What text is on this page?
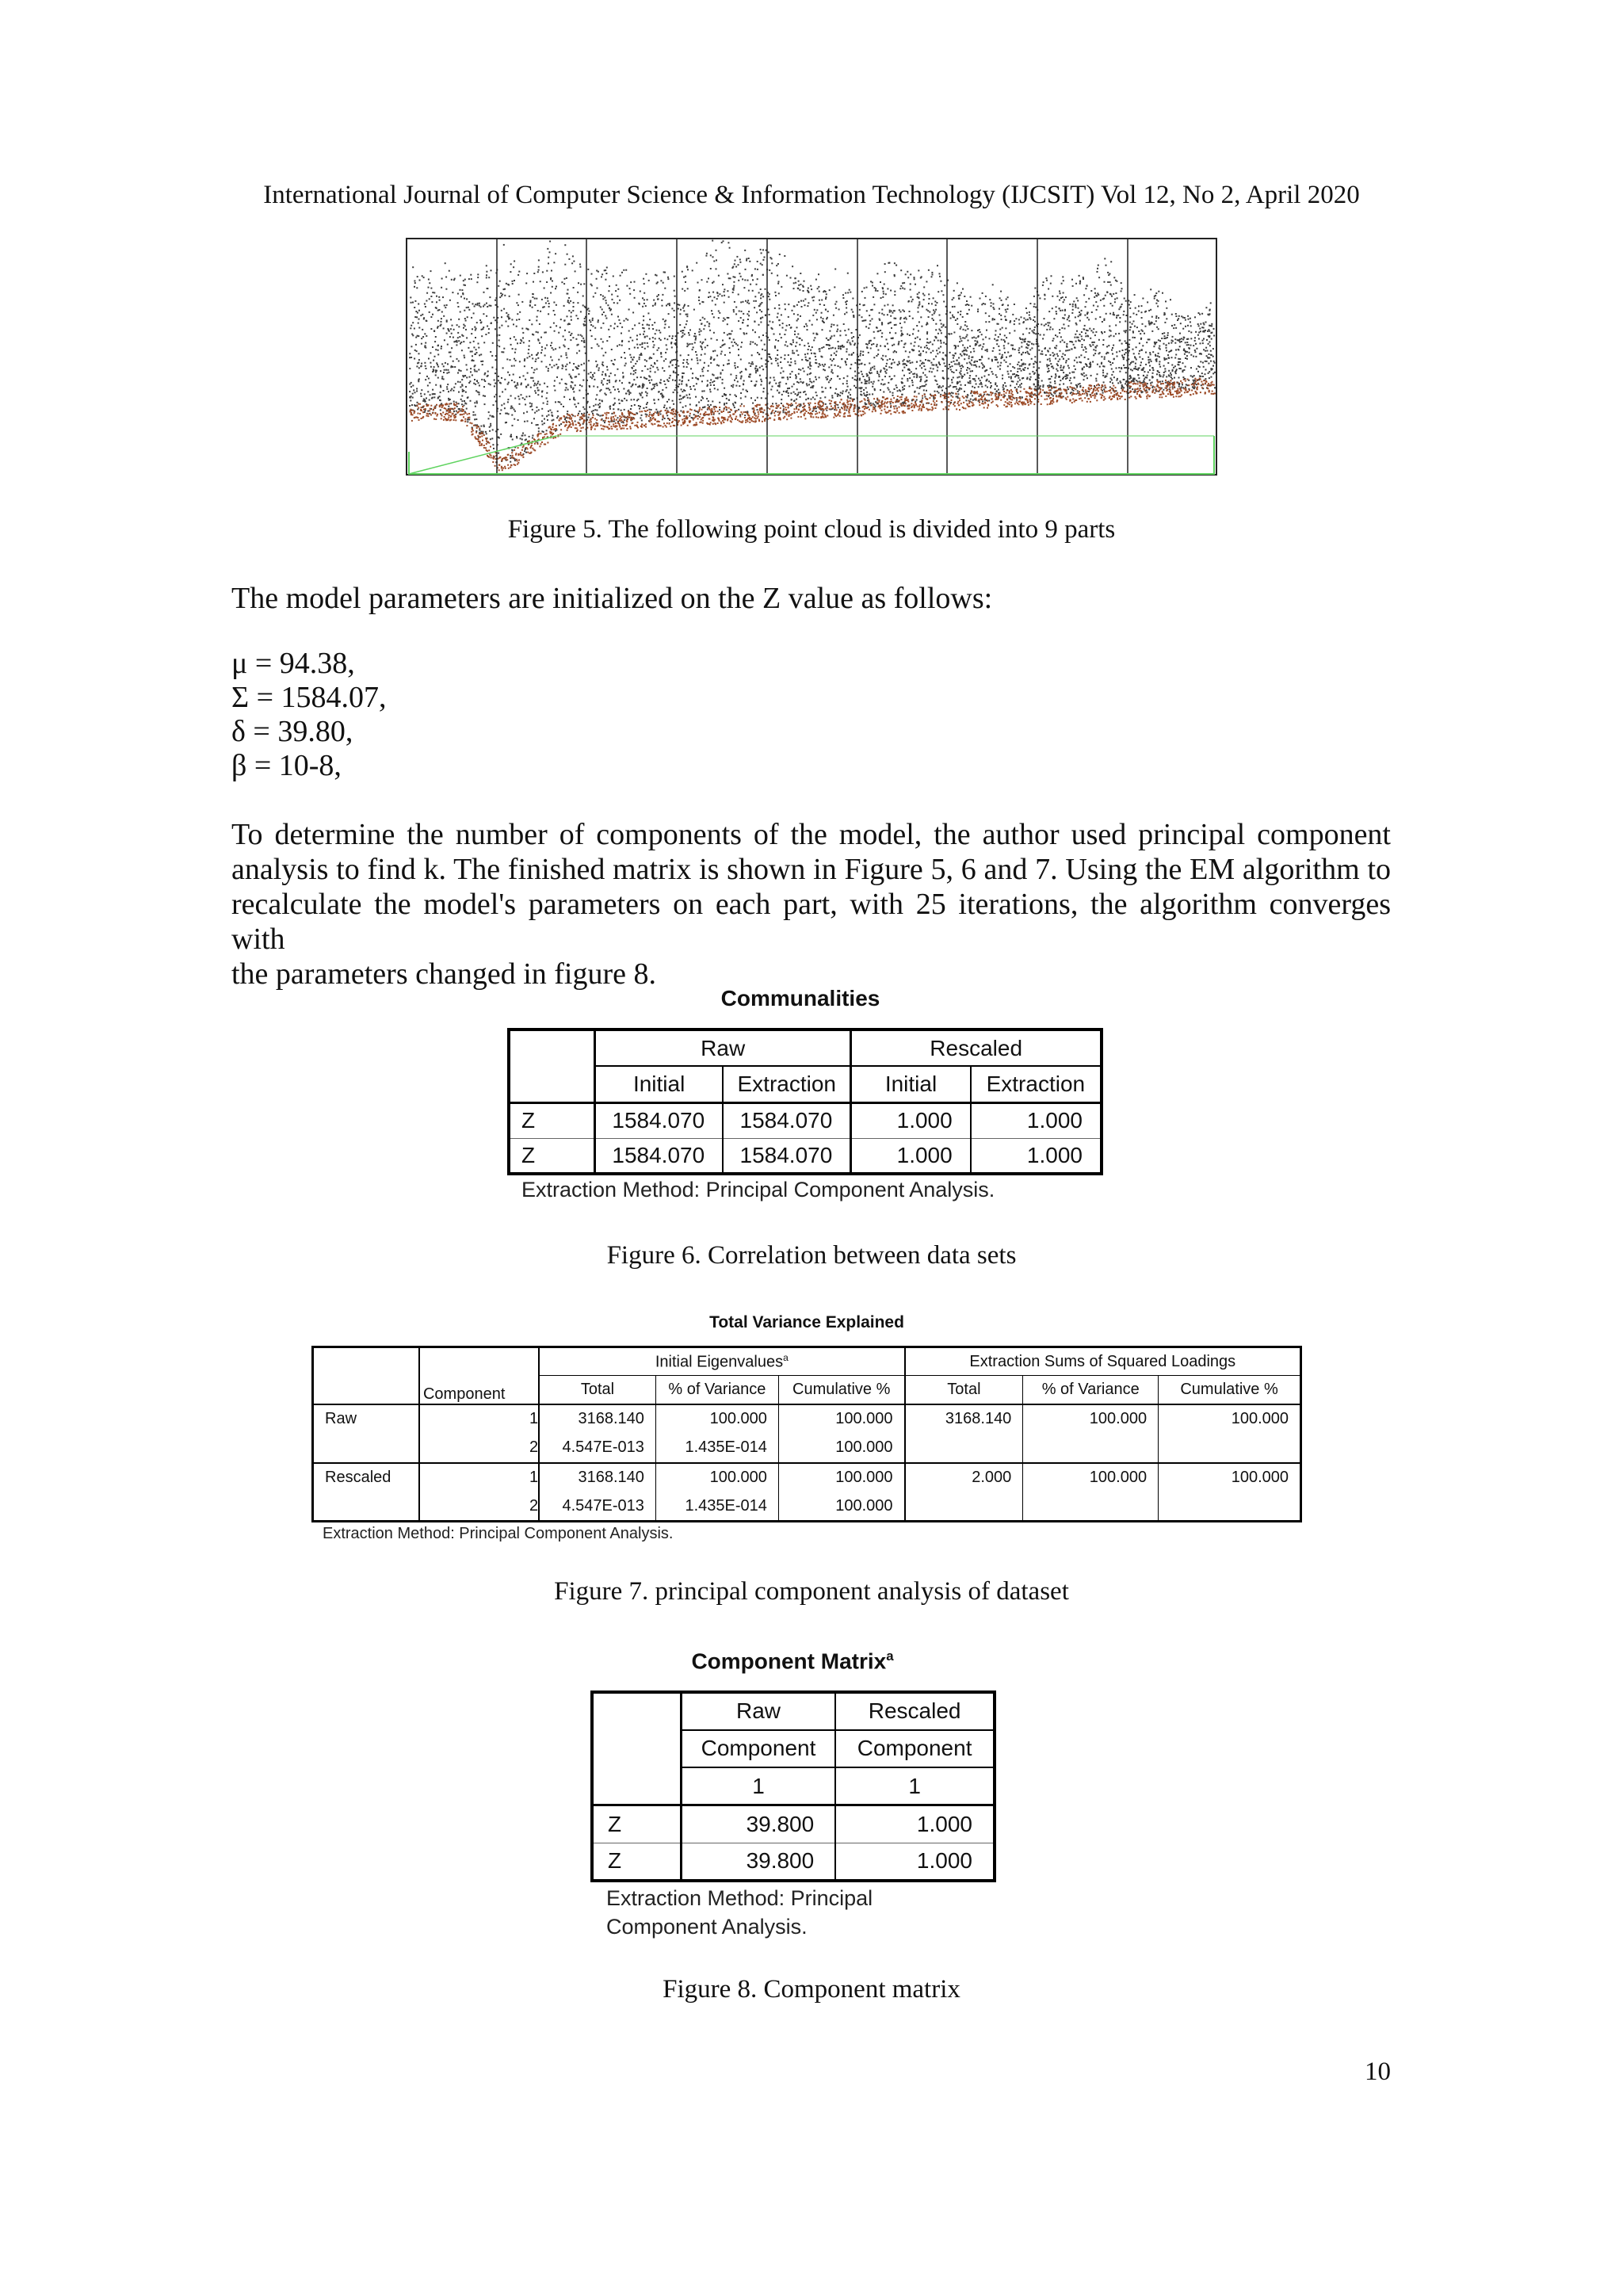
International Journal of Computer Science & Information Technology (IJCSIT) Vol 12, No 2, April 2020
Figure 5. The following point cloud is divided into 9 parts
The model parameters are initialized on the Z value as follows:
μ = 94.38,
Σ = 1584.07,
δ = 39.80,
β = 10-8,
To determine the number of components of the model, the author used principal component
analysis to find k. The finished matrix is shown in Figure 5, 6 and 7. Using the EM algorithm to
recalculate the model's parameters on each part, with 25 iterations, the algorithm converges with
the parameters changed in figure 8.
Communalities
	Raw		Rescaled	
	Initial	Extraction	Initial	Extraction
Z	1584.070	1584.070	1.000	1.000
Z	1584.070	1584.070	1.000	1.000
Extraction Method: Principal Component Analysis.
Figure 6. Correlation between data sets
Total Variance Explained
		Initial Eigenvalues$^a$			Extraction Sums of Squared Loadings		
	Component	Total	% of Variance	Cumulative %	Total	% of Variance	Cumulative %
Raw	1	3168.140	100.000	100.000	3168.140	100.000	100.000
	2	4.547E-013	1.435E-014	100.000			
Rescaled	1	3168.140	100.000	100.000	2.000	100.000	100.000
	2	4.547E-013	1.435E-014	100.000			
Extraction Method: Principal Component Analysis.
Figure 7. principal component analysis of dataset
Component Matrix$^a$
	Raw	Rescaled
	Component	Component
	1	1
Z	39.800	1.000
Z	39.800	1.000
Extraction Method: Principal
Component Analysis.
Figure 8. Component matrix
10
